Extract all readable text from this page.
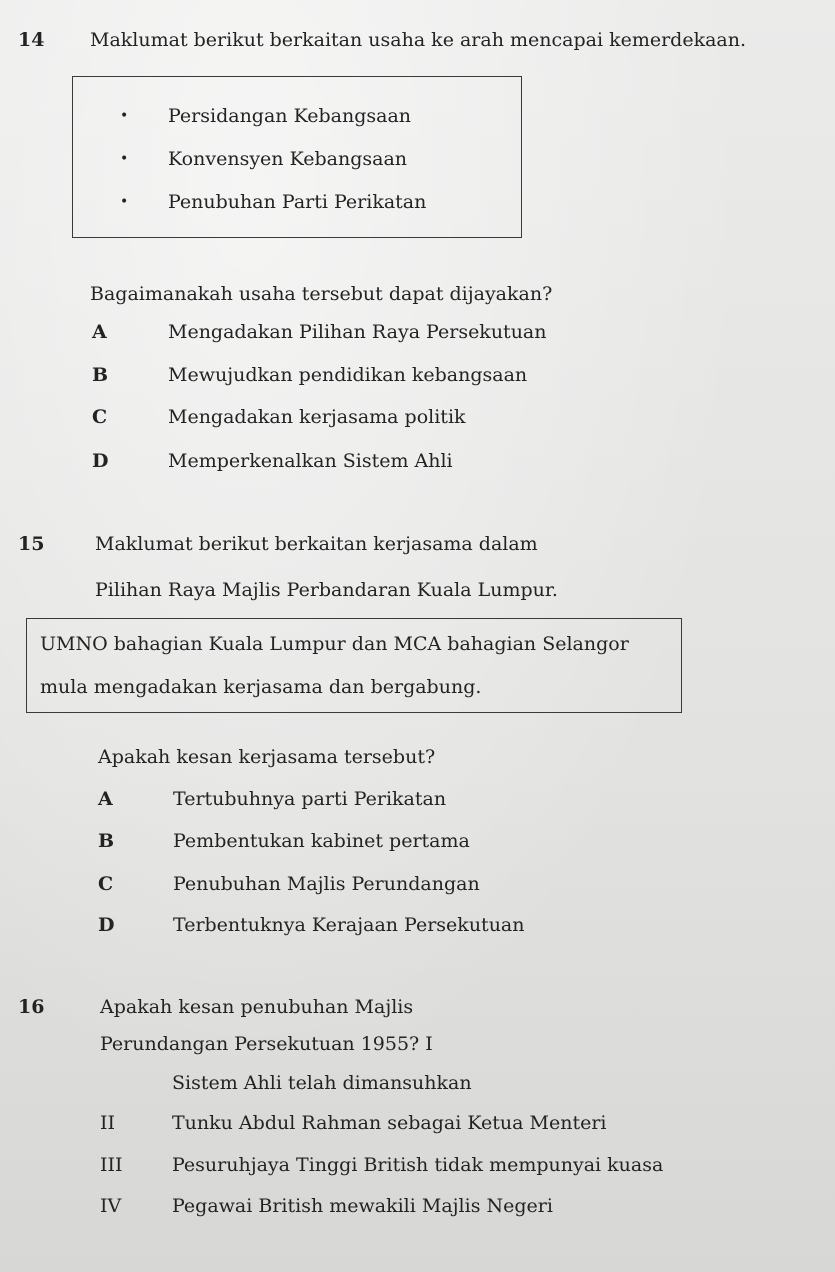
14 Maklumat berikut berkaitan usaha ke arah mencapai kemerdekaan.
• Persidangan Kebangsaan
• Konvensyen Kebangsaan
• Penubuhan Parti Perikatan
Bagaimanakah usaha tersebut dapat dijayakan?
A	Mengadakan Pilihan Raya Persekutuan
B	Mewujudkan pendidikan kebangsaan
C	Mengadakan kerjasama politik
D	Memperkenalkan Sistem Ahli
15	Maklumat berikut berkaitan kerjasama dalam
Pilihan Raya Majlis Perbandaran Kuala Lumpur.
UMNO bahagian Kuala Lumpur dan MCA bahagian Selangor
mula mengadakan kerjasama dan bergabung.
Apakah kesan kerjasama tersebut?
A	Tertubuhnya parti Perikatan
B	Pembentukan kabinet pertama
C	Penubuhan Majlis Perundangan
D	Terbentuknya Kerajaan Persekutuan
16	Apakah kesan penubuhan Majlis
Perundangan Persekutuan 1955? I
Sistem Ahli telah dimansuhkan
II	Tunku Abdul Rahman sebagai Ketua Menteri
III	Pesuruhjaya Tinggi British tidak mempunyai kuasa
IV	Pegawai British mewakili Majlis Negeri
